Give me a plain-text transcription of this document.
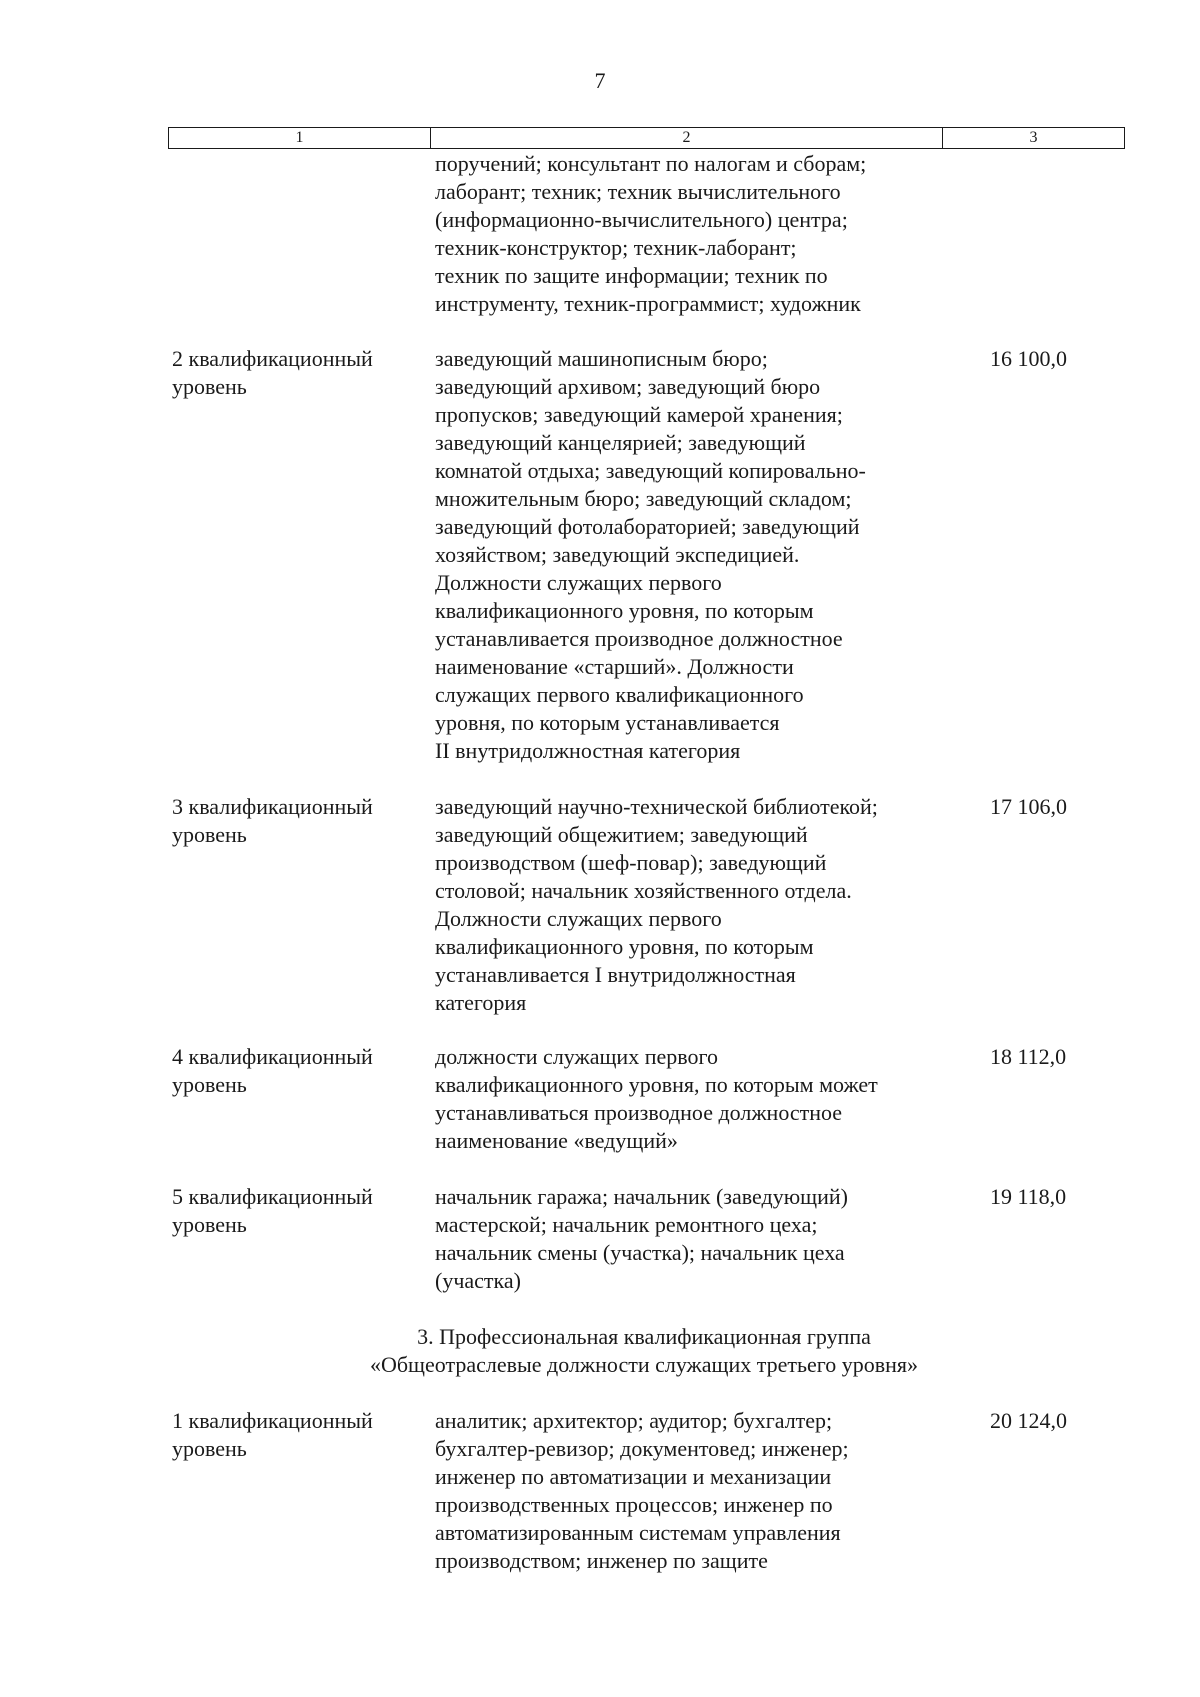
7
1	2	3
поручений; консультант по налогам и сборам;
лаборант; техник; техник вычислительного
(информационно-вычислительного) центра;
техник-конструктор; техник-лаборант;
техник по защите информации; техник по
инструменту, техник-программист; художник
2 квалификационный
уровень
заведующий машинописным бюро;
заведующий архивом; заведующий бюро
пропусков; заведующий камерой хранения;
заведующий канцелярией; заведующий
комнатой отдыха; заведующий копировально-
множительным бюро; заведующий складом;
заведующий фотолабораторией; заведующий
хозяйством; заведующий экспедицией.
Должности служащих первого
квалификационного уровня, по которым
устанавливается производное должностное
наименование «старший». Должности
служащих первого квалификационного
уровня, по которым устанавливается
II внутридолжностная категория
16 100,0
3 квалификационный
уровень
заведующий научно-технической библиотекой;
заведующий общежитием; заведующий
производством (шеф-повар); заведующий
столовой; начальник хозяйственного отдела.
Должности служащих первого
квалификационного уровня, по которым
устанавливается I внутридолжностная
категория
17 106,0
4 квалификационный
уровень
должности служащих первого
квалификационного уровня, по которым может
устанавливаться производное должностное
наименование «ведущий»
18 112,0
5 квалификационный
уровень
начальник гаража; начальник (заведующий)
мастерской; начальник ремонтного цеха;
начальник смены (участка); начальник цеха
(участка)
19 118,0
3. Профессиональная квалификационная группа
«Общеотраслевые должности служащих третьего уровня»
1 квалификационный
уровень
аналитик; архитектор; аудитор; бухгалтер;
бухгалтер-ревизор; документовед; инженер;
инженер по автоматизации и механизации
производственных процессов; инженер по
автоматизированным системам управления
производством; инженер по защите
20 124,0
